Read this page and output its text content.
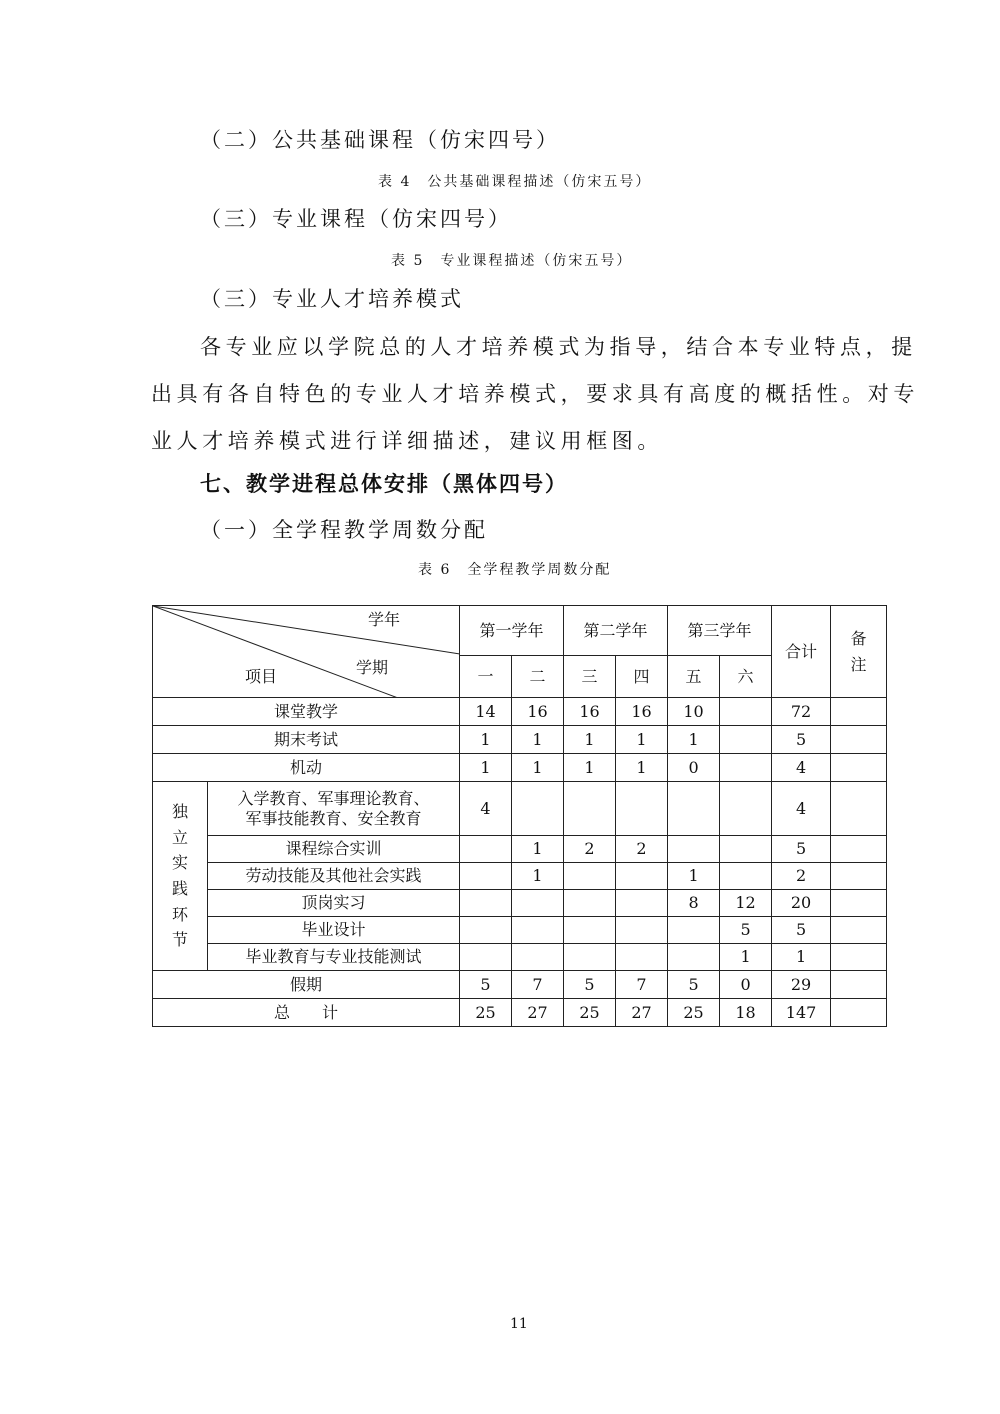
（二）公共基础课程（仿宋四号）
表 4　公共基础课程描述（仿宋五号）
（三）专业课程（仿宋四号）
表 5　专业课程描述（仿宋五号）
（三）专业人才培养模式
各专业应以学院总的人才培养模式为指导，结合本专业特点，提
出具有各自特色的专业人才培养模式，要求具有高度的概括性。对专
业人才培养模式进行详细描述，建议用框图。
七、教学进程总体安排（黑体四号）
（一）全学程教学周数分配
表 6　全学程教学周数分配
学年
学期
项目		第一学年		第二学年		第三学年		合计	备注

		一	二	三	四	五	六		
课堂教学		14	16	16	16	10		72	
期末考试		1	1	1	1	1		5	
机动		1	1	1	1	0		4	

独立实践环节	入学教育、军事理论教育、
军事技能教育、安全教育	4						4	
	课程综合实训		1	2	2			5	
	劳动技能及其他社会实践		1			1		2	
	顶岗实习					8	12	20	
	毕业设计						5	5	
	毕业教育与专业技能测试						1	1	
假期		5	7	5	7	5	0	29	
总　　计		25	27	25	27	25	18	147	
11
